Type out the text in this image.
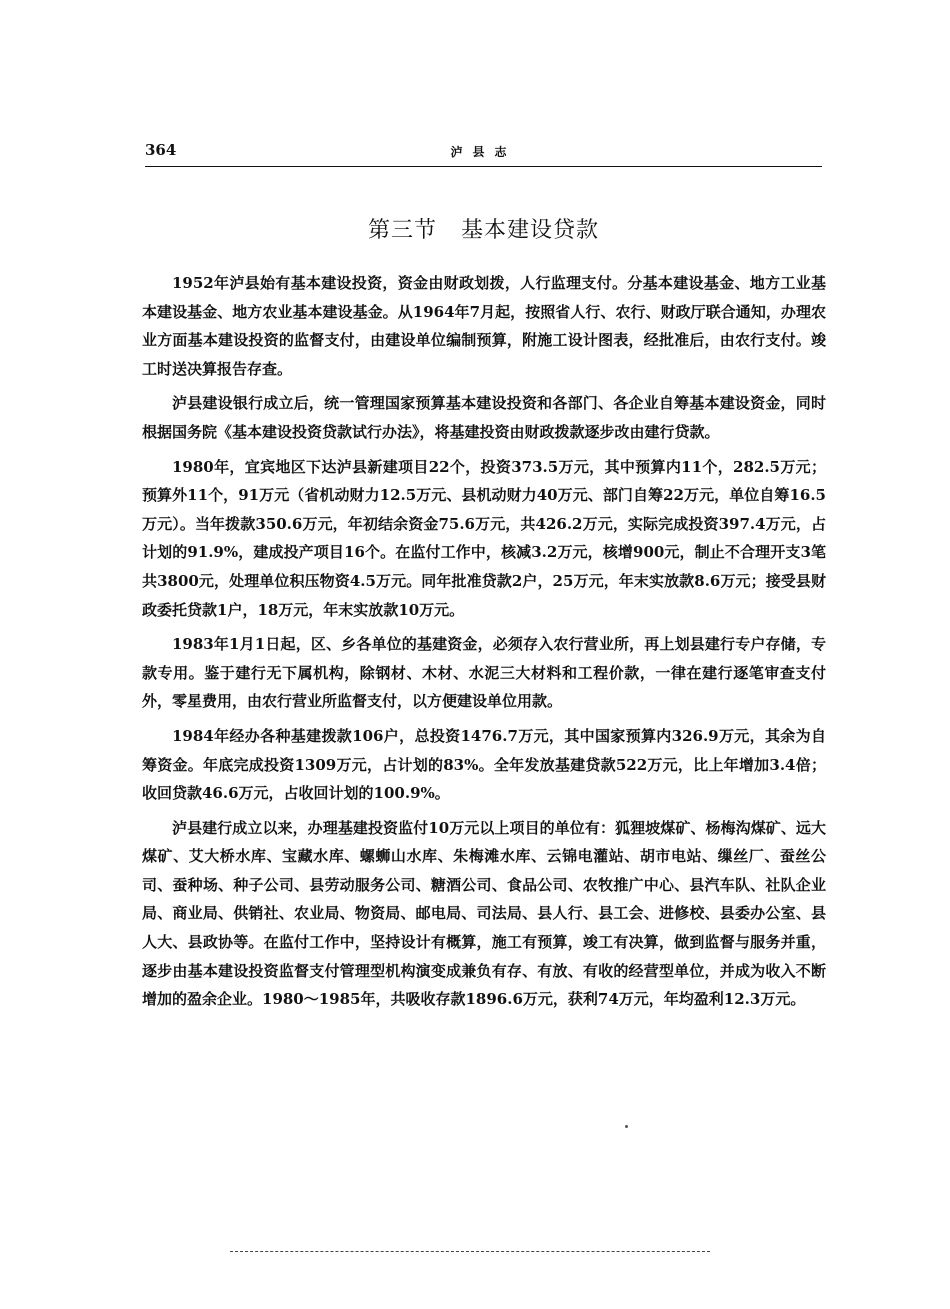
364	泸县志
第三节 基本建设贷款

1952年泸县始有基本建设投资，资金由财政划拨，人行监理支付。分基本建设基金、地方工业基本建设基金、地方农业基本建设基金。从1964年7月起，按照省人行、农行、财政厅联合通知，办理农业方面基本建设投资的监督支付，由建设单位编制预算，附施工设计图表，经批准后，由农行支付。竣工时送决算报告存查。

泸县建设银行成立后，统一管理国家预算基本建设投资和各部门、各企业自筹基本建设资金，同时根据国务院《基本建设投资贷款试行办法》，将基建投资由财政拨款逐步改由建行贷款。

1980年，宜宾地区下达泸县新建项目22个，投资373.5万元，其中预算内11个，282.5万元；预算外11个，91万元（省机动财力12.5万元、县机动财力40万元、部门自筹22万元，单位自筹16.5万元）。当年拨款350.6万元，年初结余资金75.6万元，共426.2万元，实际完成投资397.4万元，占计划的91.9%，建成投产项目16个。在监付工作中，核减3.2万元，核增900元，制止不合理开支3笔共3800元，处理单位积压物资4.5万元。同年批准贷款2户，25万元，年末实放款8.6万元；接受县财政委托贷款1户，18万元，年末实放款10万元。

1983年1月1日起，区、乡各单位的基建资金，必须存入农行营业所，再上划县建行专户存储，专款专用。鉴于建行无下属机构，除钢材、木材、水泥三大材料和工程价款，一律在建行逐笔审查支付外，零星费用，由农行营业所监督支付，以方便建设单位用款。

1984年经办各种基建拨款106户，总投资1476.7万元，其中国家预算内326.9万元，其余为自筹资金。年底完成投资1309万元，占计划的83%。全年发放基建贷款522万元，比上年增加3.4倍；收回贷款46.6万元，占收回计划的100.9%。

泸县建行成立以来，办理基建投资监付10万元以上项目的单位有：狐狸坡煤矿、杨梅沟煤矿、远大煤矿、艾大桥水库、宝藏水库、螺蛳山水库、朱梅滩水库、云锦电灌站、胡市电站、缫丝厂、蚕丝公司、蚕种场、种子公司、县劳动服务公司、糖酒公司、食品公司、农牧推广中心、县汽车队、社队企业局、商业局、供销社、农业局、物资局、邮电局、司法局、县人行、县工会、进修校、县委办公室、县人大、县政协等。在监付工作中，坚持设计有概算，施工有预算，竣工有决算，做到监督与服务并重，逐步由基本建设投资监督支付管理型机构演变成兼负有存、有放、有收的经营型单位，并成为收入不断增加的盈余企业。1980～1985年，共吸收存款1896.6万元，获利74万元，年均盈利12.3万元。
